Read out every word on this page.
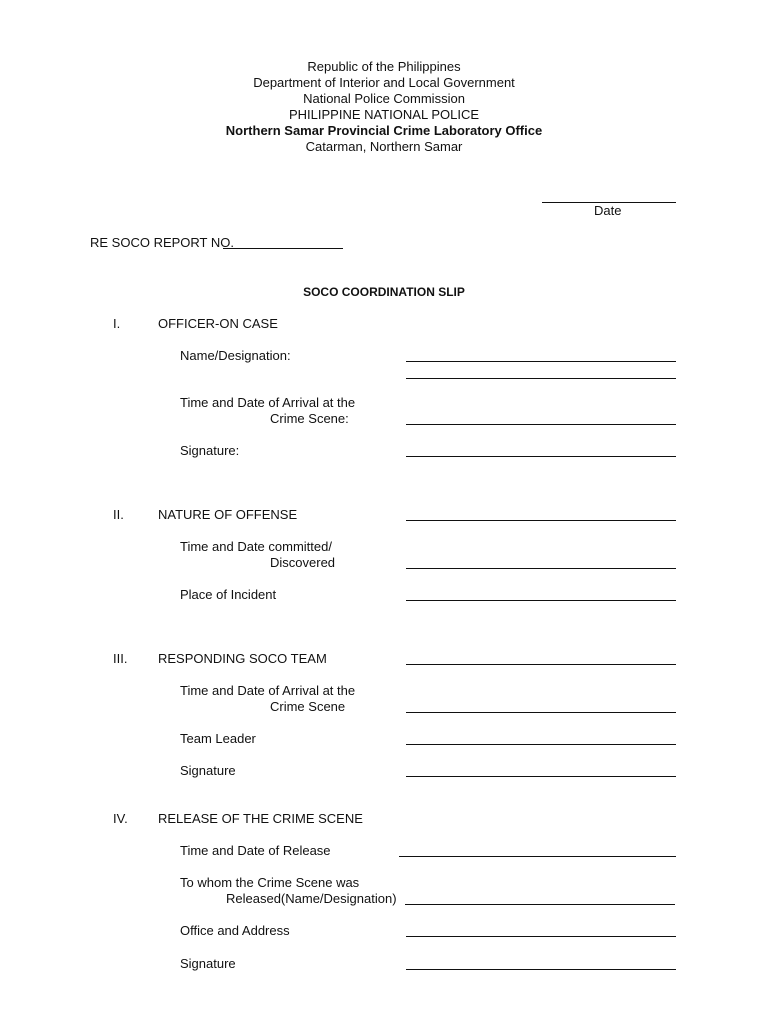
Republic of the Philippines
Department of Interior and Local Government
National Police Commission
PHILIPPINE NATIONAL POLICE
Northern Samar Provincial Crime Laboratory Office
Catarman, Northern Samar
Date
RE SOCO REPORT NO.
SOCO COORDINATION SLIP
I.	OFFICER-ON CASE
Name/Designation:
Time and Date of Arrival at the
Crime Scene:
Signature:
II.	NATURE OF OFFENSE
Time and Date committed/
Discovered
Place of Incident
III. RESPONDING SOCO TEAM
Time and Date of Arrival at the
Crime Scene
Team Leader
Signature
IV. RELEASE OF THE CRIME SCENE
Time and Date of Release
To whom the Crime Scene was
Released(Name/Designation)
Office and Address
Signature
